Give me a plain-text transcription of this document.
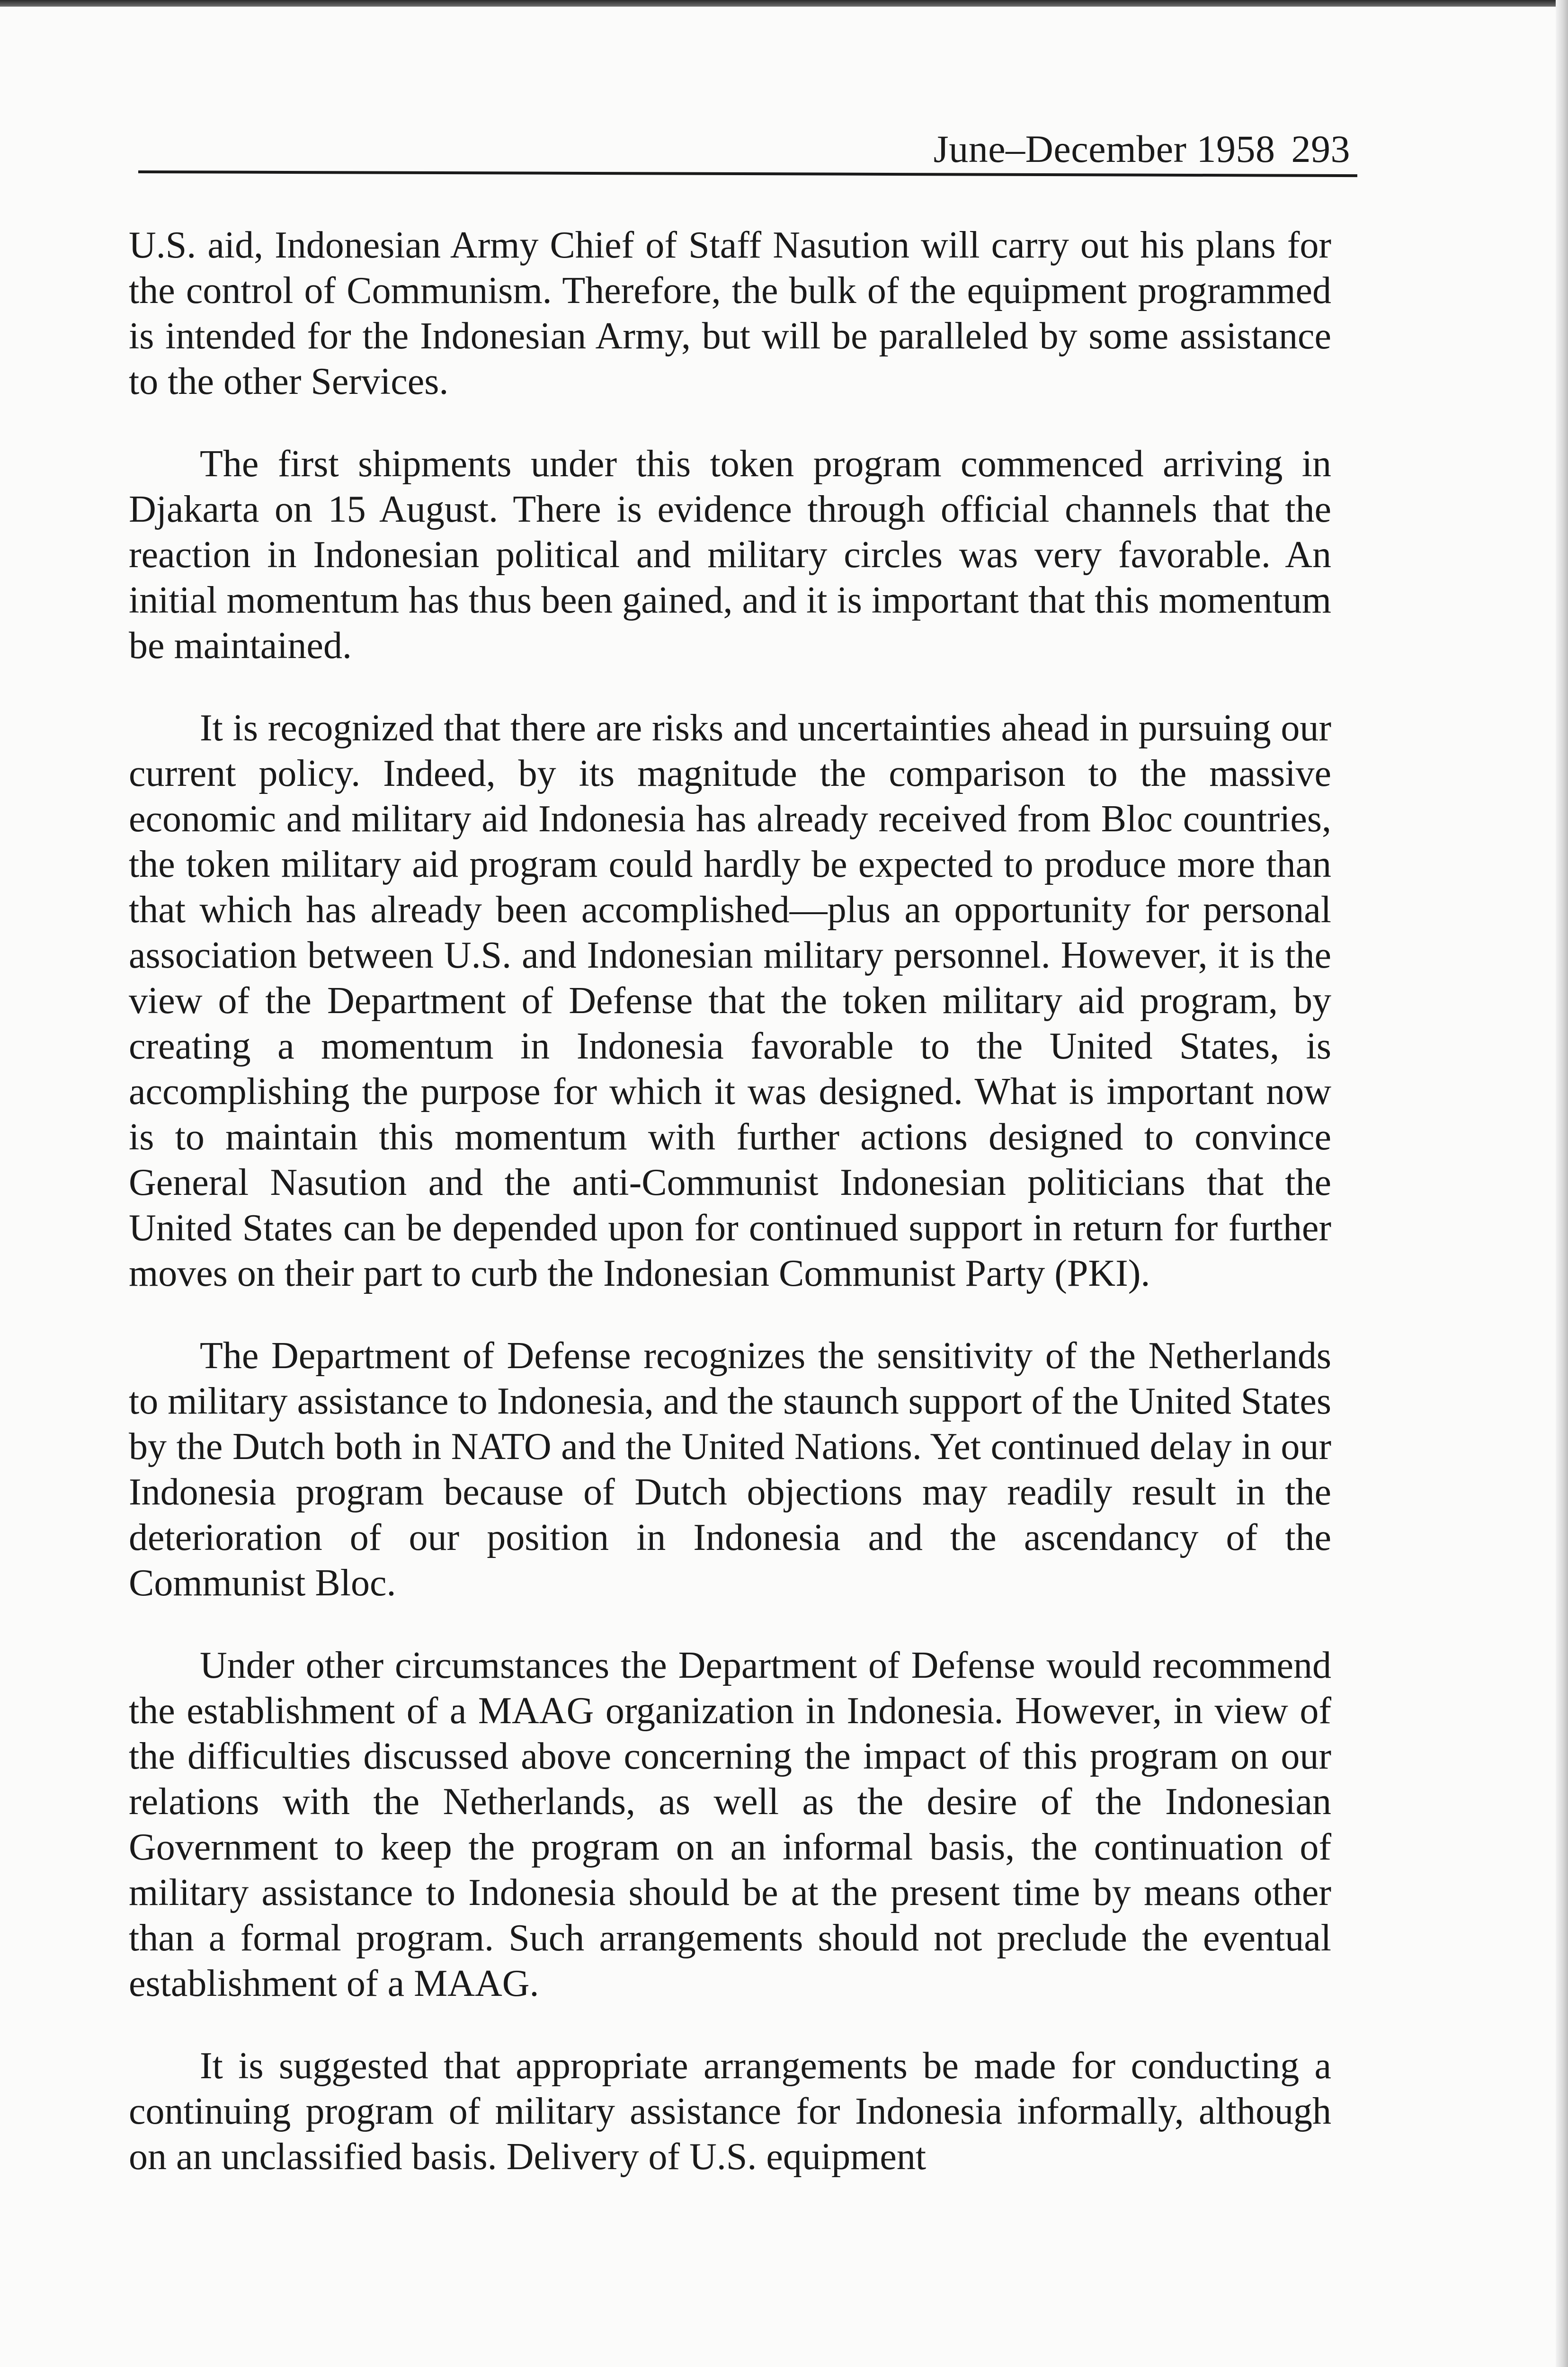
June–December 1958 293

U.S. aid, Indonesian Army Chief of Staff Nasution will carry out his plans for the control of Communism. Therefore, the bulk of the equipment programmed is intended for the Indonesian Army, but will be paralleled by some assistance to the other Services.

The first shipments under this token program commenced arriving in Djakarta on 15 August. There is evidence through official channels that the reaction in Indonesian political and military circles was very favorable. An initial momentum has thus been gained, and it is important that this momentum be maintained.

It is recognized that there are risks and uncertainties ahead in pursuing our current policy. Indeed, by its magnitude the comparison to the massive economic and military aid Indonesia has already received from Bloc countries, the token military aid program could hardly be expected to produce more than that which has already been accomplished—plus an opportunity for personal association between U.S. and Indonesian military personnel. However, it is the view of the Department of Defense that the token military aid program, by creating a momentum in Indonesia favorable to the United States, is accomplishing the purpose for which it was designed. What is important now is to maintain this momentum with further actions designed to convince General Nasution and the anti-Communist Indonesian politicians that the United States can be depended upon for continued support in return for further moves on their part to curb the Indonesian Communist Party (PKI).

The Department of Defense recognizes the sensitivity of the Netherlands to military assistance to Indonesia, and the staunch support of the United States by the Dutch both in NATO and the United Nations. Yet continued delay in our Indonesia program because of Dutch objections may readily result in the deterioration of our position in Indonesia and the ascendancy of the Communist Bloc.

Under other circumstances the Department of Defense would recommend the establishment of a MAAG organization in Indonesia. However, in view of the difficulties discussed above concerning the impact of this program on our relations with the Netherlands, as well as the desire of the Indonesian Government to keep the program on an informal basis, the continuation of military assistance to Indonesia should be at the present time by means other than a formal program. Such arrangements should not preclude the eventual establishment of a MAAG.

It is suggested that appropriate arrangements be made for conducting a continuing program of military assistance for Indonesia informally, although on an unclassified basis. Delivery of U.S. equipment
